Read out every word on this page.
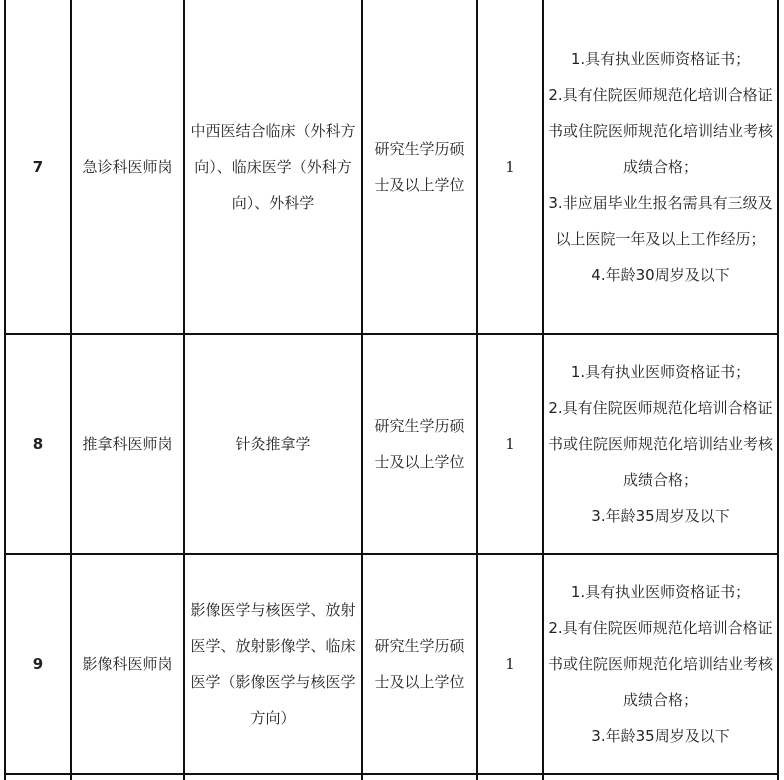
7	急诊科医师岗	中西医结合临床（外科方向）、临床医学（外科方向）、外科学	研究生学历硕士及以上学位	1	1.具有执业医师资格证书；
2.具有住院医师规范化培训合格证书或住院医师规范化培训结业考核成绩合格；
3.非应届毕业生报名需具有三级及以上医院一年及以上工作经历；
4.年龄30周岁及以下

8	推拿科医师岗	针灸推拿学	研究生学历硕士及以上学位	1	1.具有执业医师资格证书；
2.具有住院医师规范化培训合格证书或住院医师规范化培训结业考核成绩合格；
3.年龄35周岁及以下

9	影像科医师岗	影像医学与核医学、放射医学、放射影像学、临床医学（影像医学与核医学方向）	研究生学历硕士及以上学位	1	1.具有执业医师资格证书；
2.具有住院医师规范化培训合格证书或住院医师规范化培训结业考核成绩合格；
3.年龄35周岁及以下
